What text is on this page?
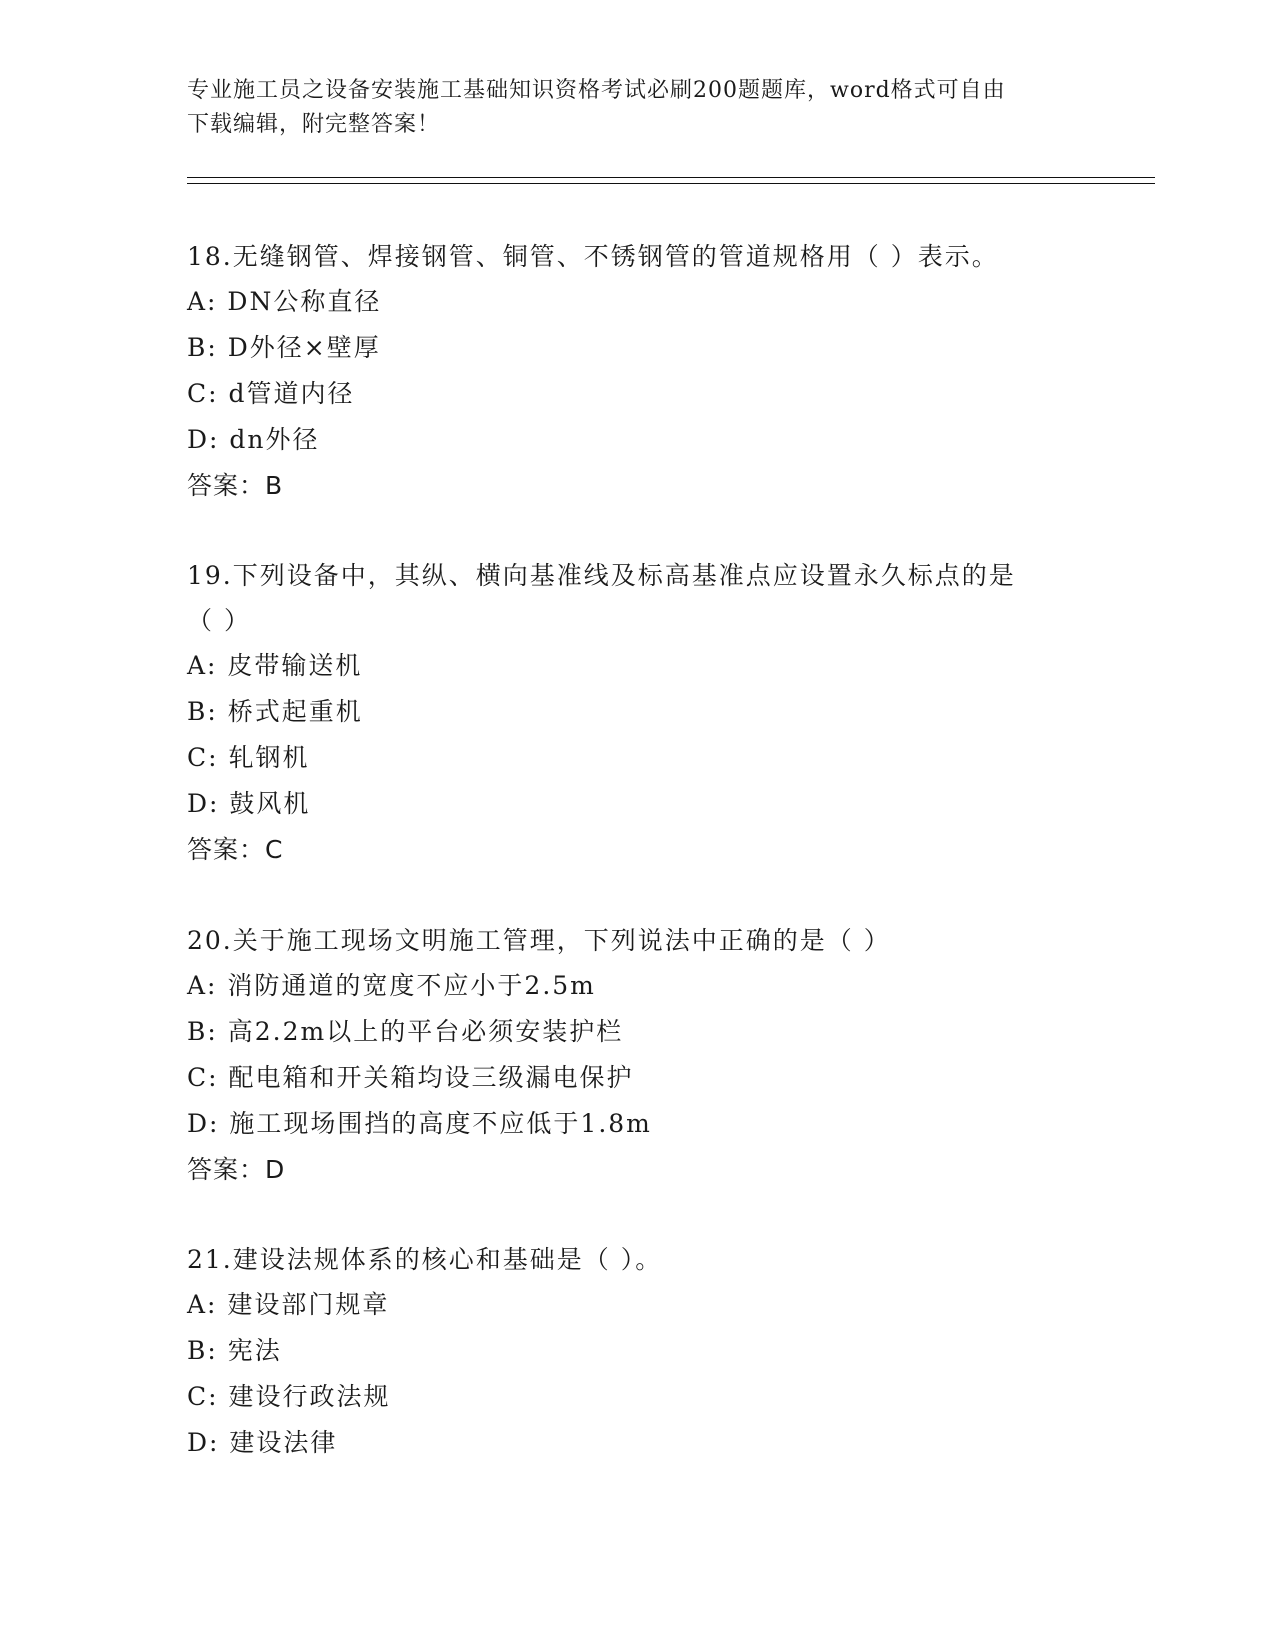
专业施工员之设备安装施工基础知识资格考试必刷200题题库，word格式可自由
下载编辑，附完整答案！
18.无缝钢管、焊接钢管、铜管、不锈钢管的管道规格用（ ）表示。
A: DN公称直径
B: D外径×壁厚
C: d管道内径
D: dn外径
答案：B
19.下列设备中，其纵、横向基准线及标高基准点应设置永久标点的是
（ ）
A: 皮带输送机
B: 桥式起重机
C: 轧钢机
D: 鼓风机
答案：C
20.关于施工现场文明施工管理，下列说法中正确的是（ ）
A: 消防通道的宽度不应小于2.5m
B: 高2.2m以上的平台必须安装护栏
C: 配电箱和开关箱均设三级漏电保护
D: 施工现场围挡的高度不应低于1.8m
答案：D
21.建设法规体系的核心和基础是（ ）。
A: 建设部门规章
B: 宪法
C: 建设行政法规
D: 建设法律
